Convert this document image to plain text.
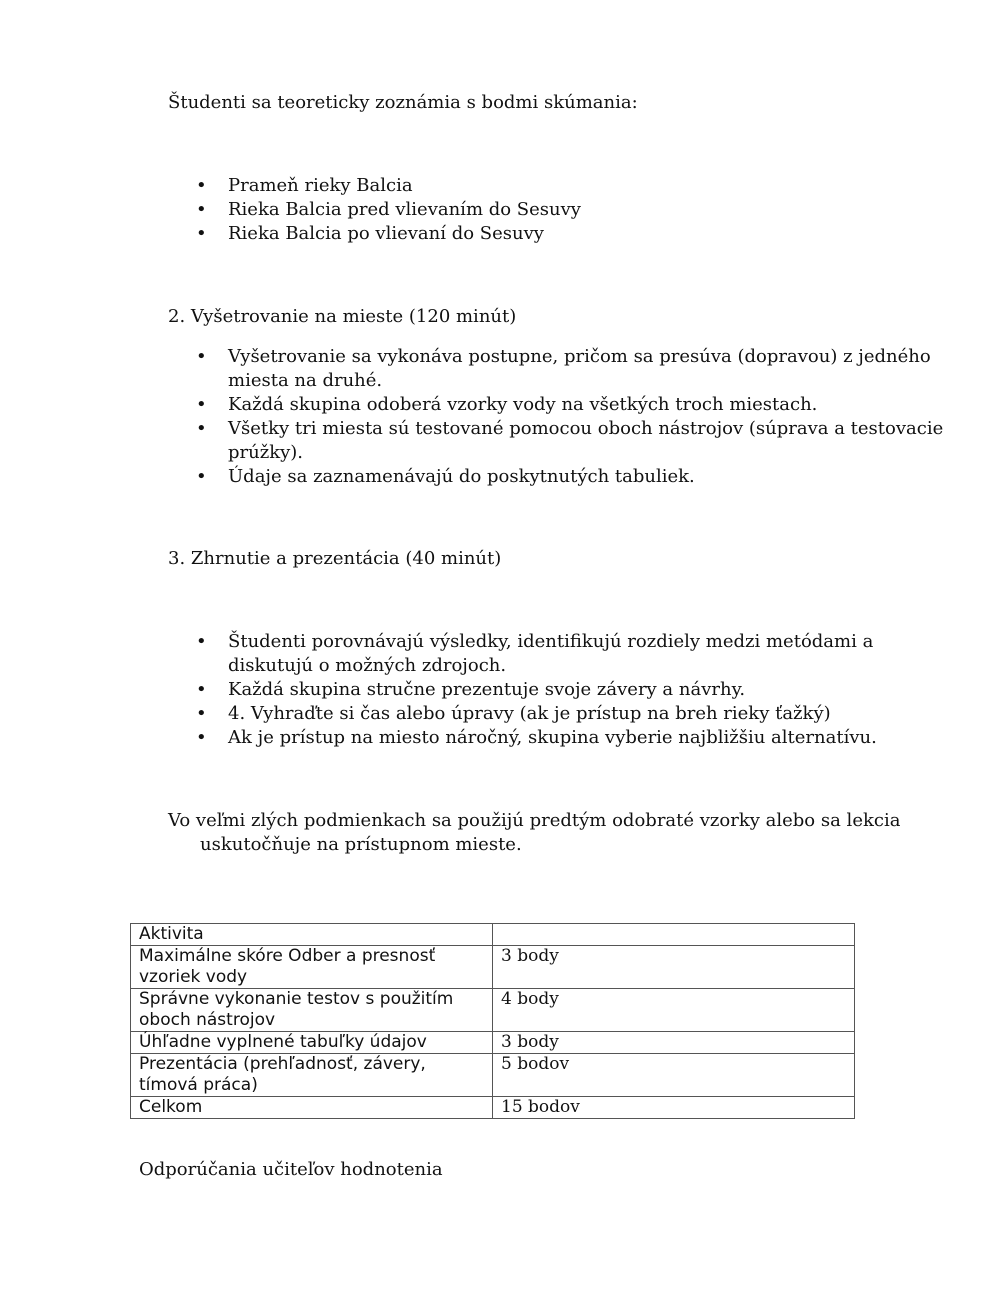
Študenti sa teoreticky zoznámia s bodmi skúmania:

• Prameň rieky Balcia
• Rieka Balcia pred vlievaním do Sesuvy
• Rieka Balcia po vlievaní do Sesuvy

2. Vyšetrovanie na mieste (120 minút)

• Vyšetrovanie sa vykonáva postupne, pričom sa presúva (dopravou) z jedného miesta na druhé.
• Každá skupina odoberá vzorky vody na všetkých troch miestach.
• Všetky tri miesta sú testované pomocou oboch nástrojov (súprava a testovacie prúžky).
• Údaje sa zaznamenávajú do poskytnutých tabuliek.

3. Zhrnutie a prezentácia (40 minút)

• Študenti porovnávajú výsledky, identifikujú rozdiely medzi metódami a diskutujú o možných zdrojoch.
• Každá skupina stručne prezentuje svoje závery a návrhy.
• 4. Vyhraďte si čas alebo úpravy (ak je prístup na breh rieky ťažký)
• Ak je prístup na miesto náročný, skupina vyberie najbližšiu alternatívu.

Vo veľmi zlých podmienkach sa použijú predtým odobraté vzorky alebo sa lekcia uskutočňuje na prístupnom mieste.

Aktivita	
Maximálne skóre Odber a presnosť vzoriek vody	3 body
Správne vykonanie testov s použitím oboch nástrojov	4 body
Úhľadne vyplnené tabuľky údajov	3 body
Prezentácia (prehľadnosť, závery, tímová práca)	5 bodov
Celkom	15 bodov

Odporúčania učiteľov hodnotenia
